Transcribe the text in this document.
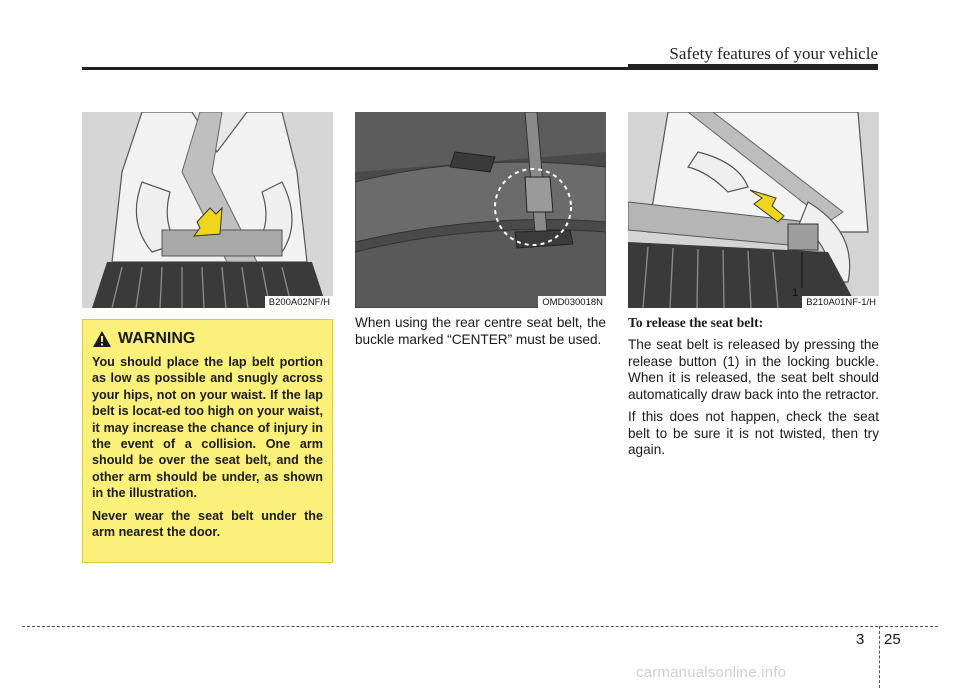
Safety features of your vehicle
B200A02NF/H	OMD030018N
1
B210A01NF-1/H
WARNING

You should place the lap belt portion as low as possible and snugly across your hips, not on your waist. If the lap belt is locat-ed too high on your waist, it may increase the chance of injury in the event of a collision. One arm should be over the seat belt, and the other arm should be under, as shown in the illustration.

Never wear the seat belt under the arm nearest the door.

When using the rear centre seat belt, the buckle marked “CENTER” must be used.

To release the seat belt:

The seat belt is released by pressing the release button (1) in the locking buckle. When it is released, the seat belt should automatically draw back into the retractor.

If this does not happen, check the seat belt to be sure it is not twisted, then try again.

3 25
carmanualsonline.info
